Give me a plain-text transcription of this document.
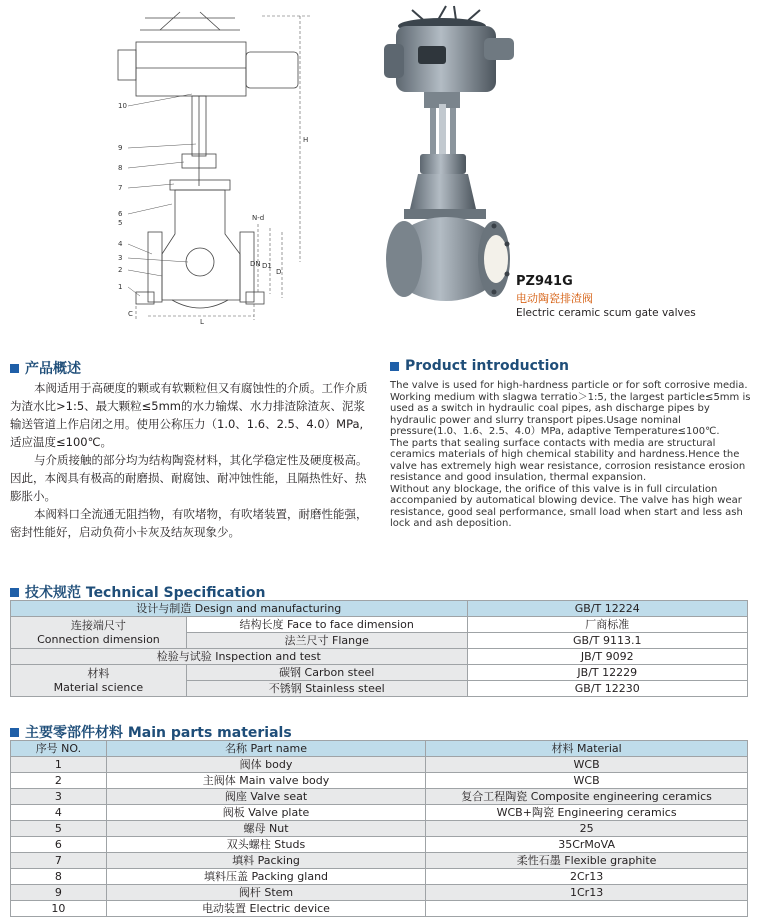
H
L
C
N-d
DN D1
D
10
9
8
7
6
5
4
3
2
1	PZ941G
电动陶瓷排渣阀
Electric ceramic scum gate valves
产品概述
本阀适用于高硬度的颗或有软颗粒但又有腐蚀性的介质。工作介质为渣水比>1:5、最大颗粒≤5mm的水力输煤、水力排渣除渣灰、泥浆输送管道上作启闭之用。使用公称压力（1.0、1.6、2.5、4.0）MPa,适应温度≤100℃。
与介质接触的部分均为结构陶瓷材料，其化学稳定性及硬度极高。因此，本阀具有极高的耐磨损、耐腐蚀、耐冲蚀性能，且隔热性好、热膨胀小。
本阀料口全流通无阻挡物，有吹堵物，有吹堵装置，耐磨性能强，密封性能好，启动负荷小卡灰及结灰现象少。
Product introduction
The valve is used for high-hardness particle or for soft corrosive media. Working medium with slagwa terratio＞1:5, the largest particle≤5mm is used as a switch in hydraulic coal pipes, ash discharge pipes by hydraulic power and slurry transport pipes.Usage nominal pressure(1.0、1.6、2.5、4.0）MPa, adaptive Temperature≤100℃.
The parts that sealing surface contacts with media are structural ceramics materials of high chemical stability and hardness.Hence the valve has extremely high wear resistance, corrosion resistance erosion resistance and good insulation, thermal expansion.
Without any blockage, the orifice of this valve is in full circulation accompanied by automatical blowing device. The valve has high wear resistance, good seal performance, small load when start and less ash lock and ash deposition.
技术规范 Technical Specification
设计与制造 Design and manufacturing		GB/T 12224

连接端尺寸
Connection dimension	结构长度 Face to face dimension	厂商标准
	法兰尺寸 Flange	GB/T 9113.1
检验与试验 Inspection and test		JB/T 9092

材料
Material science	碳钢 Carbon steel	JB/T 12229
	不锈钢 Stainless steel	GB/T 12230
主要零部件材料 Main parts materials
序号 NO.	名称 Part name	材料 Material
1	阀体 body	WCB
2	主阀体 Main valve body	WCB
3	阀座 Valve seat	复合工程陶瓷 Composite engineering ceramics
4	阀板 Valve plate	WCB+陶瓷 Engineering ceramics
5	螺母 Nut	25
6	双头螺柱 Studs	35CrMoVA
7	填料 Packing	柔性石墨 Flexible graphite
8	填料压盖 Packing gland	2Cr13
9	阀杆 Stem	1Cr13
10	电动装置 Electric device	
